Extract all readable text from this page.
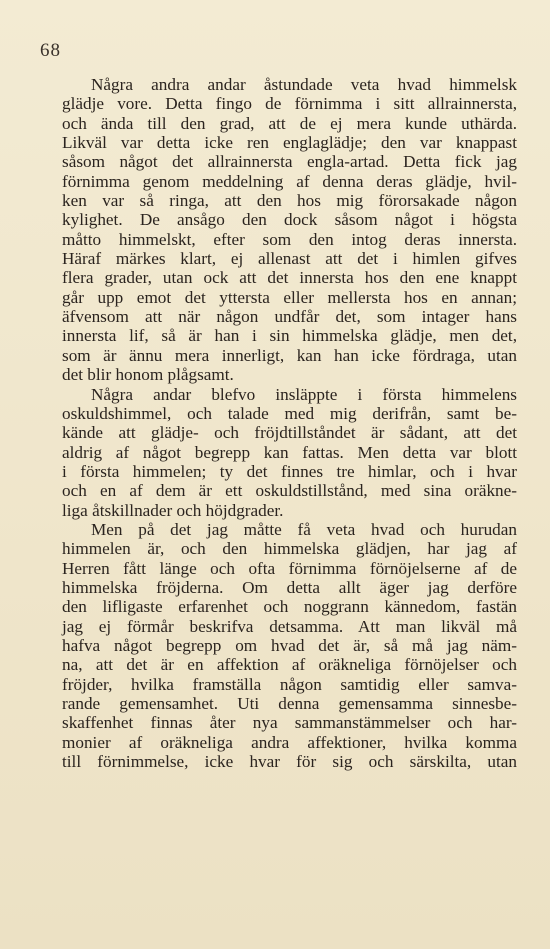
68
Några andra andar åstundade veta hvad himmelsk
glädje vore. Detta fingo de förnimma i sitt allrainnersta,
och ända till den grad, att de ej mera kunde uthärda.
Likväl var detta icke ren englaglädje; den var knappast
såsom något det allrainnersta engla-artad. Detta fick jag
förnimma genom meddelning af denna deras glädje, hvil-
ken var så ringa, att den hos mig förorsakade någon
kylighet. De ansågo den dock såsom något i högsta
måtto himmelskt, efter som den intog deras innersta.
Häraf märkes klart, ej allenast att det i himlen gifves
flera grader, utan ock att det innersta hos den ene knappt
går upp emot det yttersta eller mellersta hos en annan;
äfvensom att när någon undfår det, som intager hans
innersta lif, så är han i sin himmelska glädje, men det,
som är ännu mera innerligt, kan han icke fördraga, utan
det blir honom plågsamt.
Några andar blefvo insläppte i första himmelens
oskuldshimmel, och talade med mig derifrån, samt be-
kände att glädje- och fröjdtillståndet är sådant, att det
aldrig af något begrepp kan fattas. Men detta var blott
i första himmelen; ty det finnes tre himlar, och i hvar
och en af dem är ett oskuldstillstånd, med sina oräkne-
liga åtskillnader och höjdgrader.
Men på det jag måtte få veta hvad och hurudan
himmelen är, och den himmelska glädjen, har jag af
Herren fått länge och ofta förnimma förnöjelserne af de
himmelska fröjderna. Om detta allt äger jag derföre
den lifligaste erfarenhet och noggrann kännedom, fastän
jag ej förmår beskrifva detsamma. Att man likväl må
hafva något begrepp om hvad det är, så må jag näm-
na, att det är en affektion af oräkneliga förnöjelser och
fröjder, hvilka framställa någon samtidig eller samva-
rande gemensamhet. Uti denna gemensamma sinnesbe-
skaffenhet finnas åter nya sammanstämmelser och har-
monier af oräkneliga andra affektioner, hvilka komma
till förnimmelse, icke hvar för sig och särskilta, utan
